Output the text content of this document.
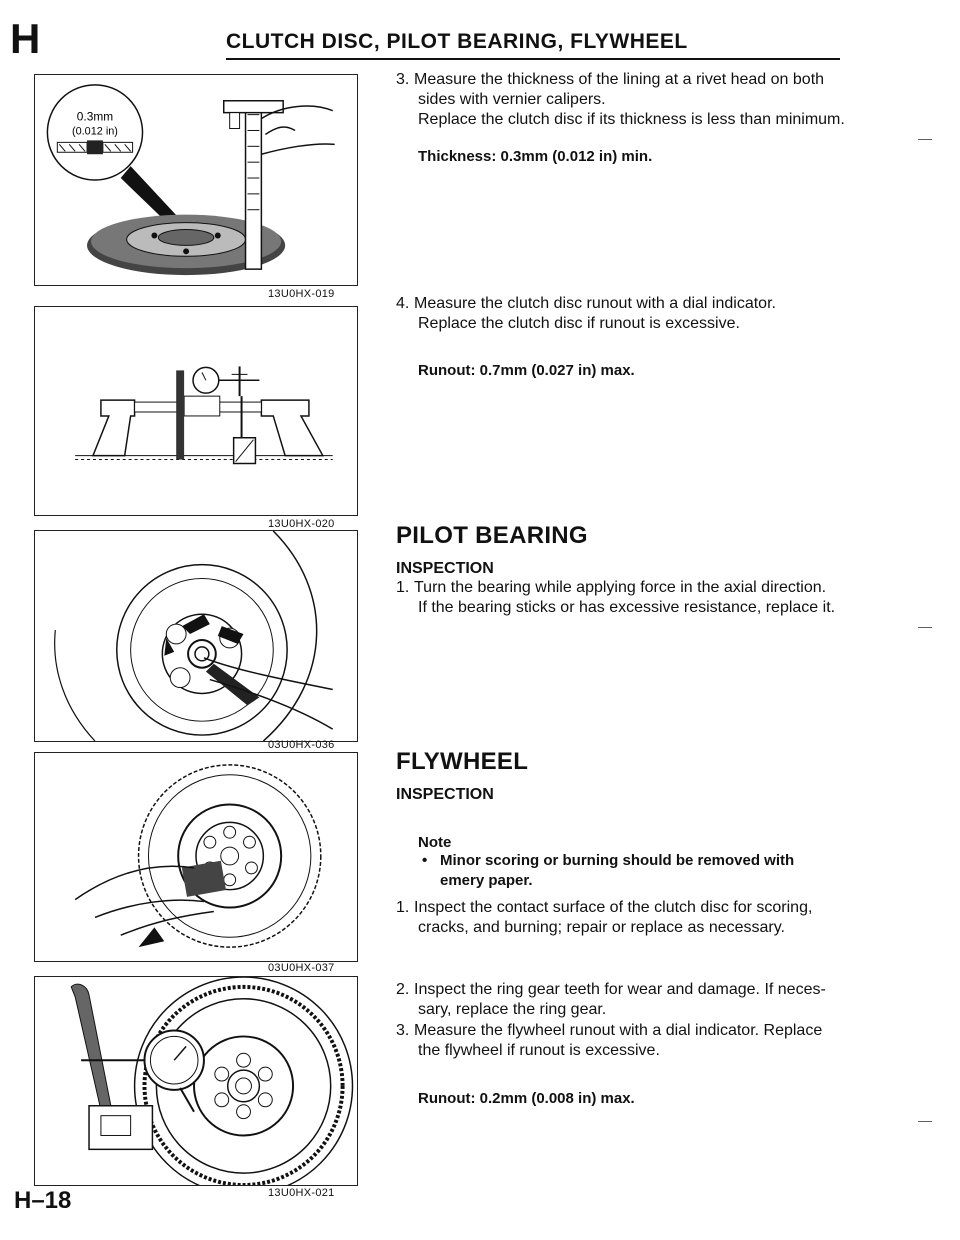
H	CLUTCH DISC, PILOT BEARING, FLYWHEEL
0.3mm
(0.012 in)
13U0HX-019
13U0HX-020
03U0HX-036
03U0HX-037
13U0HX-021

3. Measure the thickness of the lining at a rivet head on both
sides with vernier calipers.
Replace the clutch disc if its thickness is less than minimum.

Thickness: 0.3mm (0.012 in) min.

4. Measure the clutch disc runout with a dial indicator.
Replace the clutch disc if runout is excessive.

Runout: 0.7mm (0.027 in) max.
PILOT BEARING
INSPECTION

1. Turn the bearing while applying force in the axial direction.
If the bearing sticks or has excessive resistance, replace it.

FLYWHEEL
INSPECTION
Note
• Minor scoring or burning should be removed with
emery paper.

1. Inspect the contact surface of the clutch disc for scoring,
cracks, and burning; repair or replace as necessary.

2. Inspect the ring gear teeth for wear and damage. If neces-
sary, replace the ring gear.

3. Measure the flywheel runout with a dial indicator. Replace
the flywheel if runout is excessive.

Runout: 0.2mm (0.008 in) max.
H–18
—
—
—
